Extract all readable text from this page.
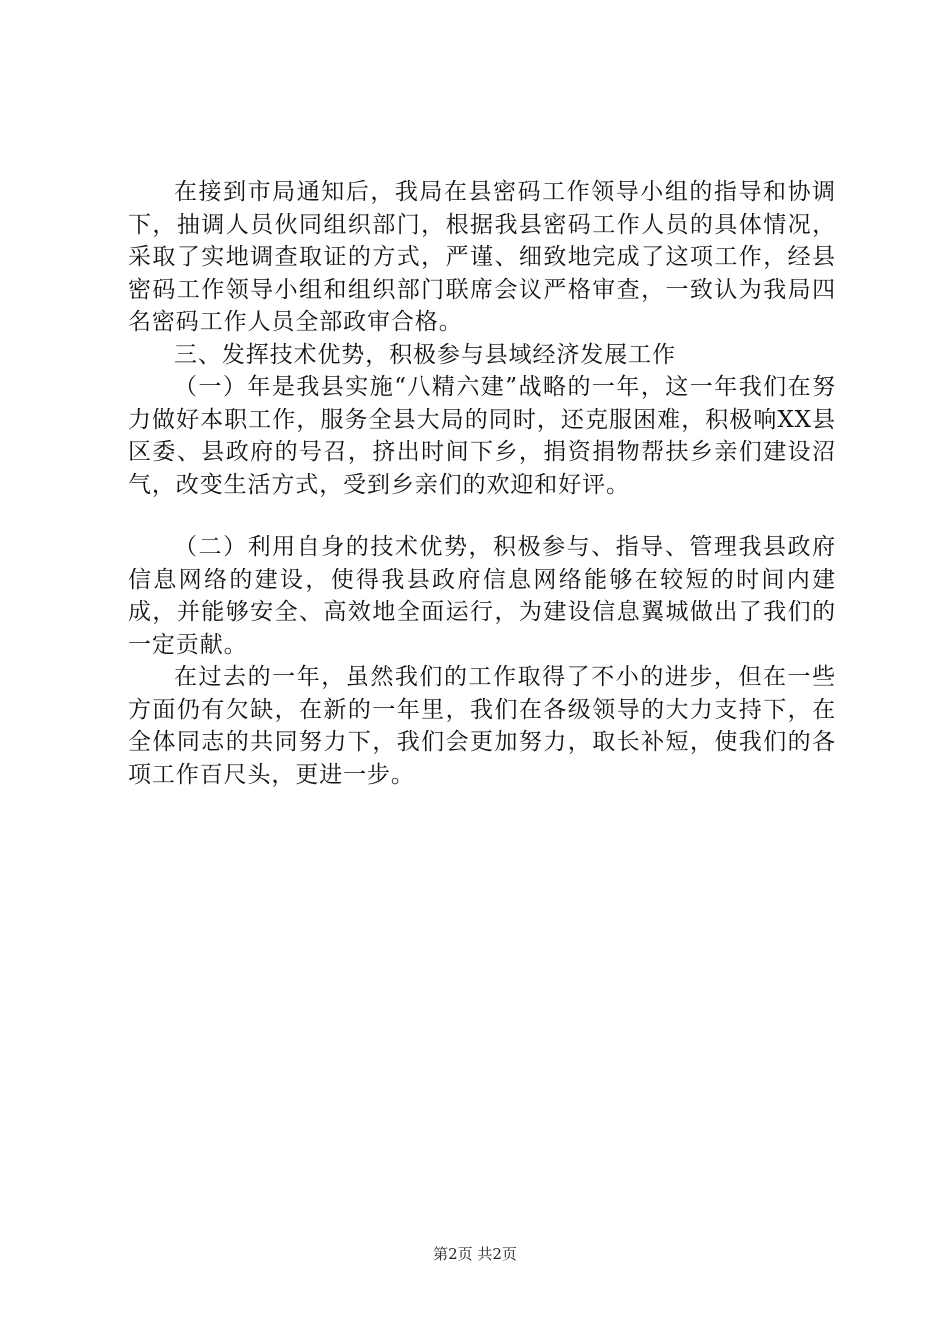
在接到市局通知后，我局在县密码工作领导小组的指导和协调下，抽调人员伙同组织部门，根据我县密码工作人员的具体情况，采取了实地调查取证的方式，严谨、细致地完成了这项工作，经县密码工作领导小组和组织部门联席会议严格审查，一致认为我局四名密码工作人员全部政审合格。

三、发挥技术优势，积极参与县域经济发展工作

（一）年是我县实施“八精六建”战略的一年，这一年我们在努力做好本职工作，服务全县大局的同时，还克服困难，积极响XX县区委、县政府的号召，挤出时间下乡，捐资捐物帮扶乡亲们建设沼气，改变生活方式，受到乡亲们的欢迎和好评。

（二）利用自身的技术优势，积极参与、指导、管理我县政府信息网络的建设，使得我县政府信息网络能够在较短的时间内建成，并能够安全、高效地全面运行，为建设信息翼城做出了我们的一定贡献。

在过去的一年，虽然我们的工作取得了不小的进步，但在一些方面仍有欠缺，在新的一年里，我们在各级领导的大力支持下，在全体同志的共同努力下，我们会更加努力，取长补短，使我们的各项工作百尺头，更进一步。

第2页 共2页
